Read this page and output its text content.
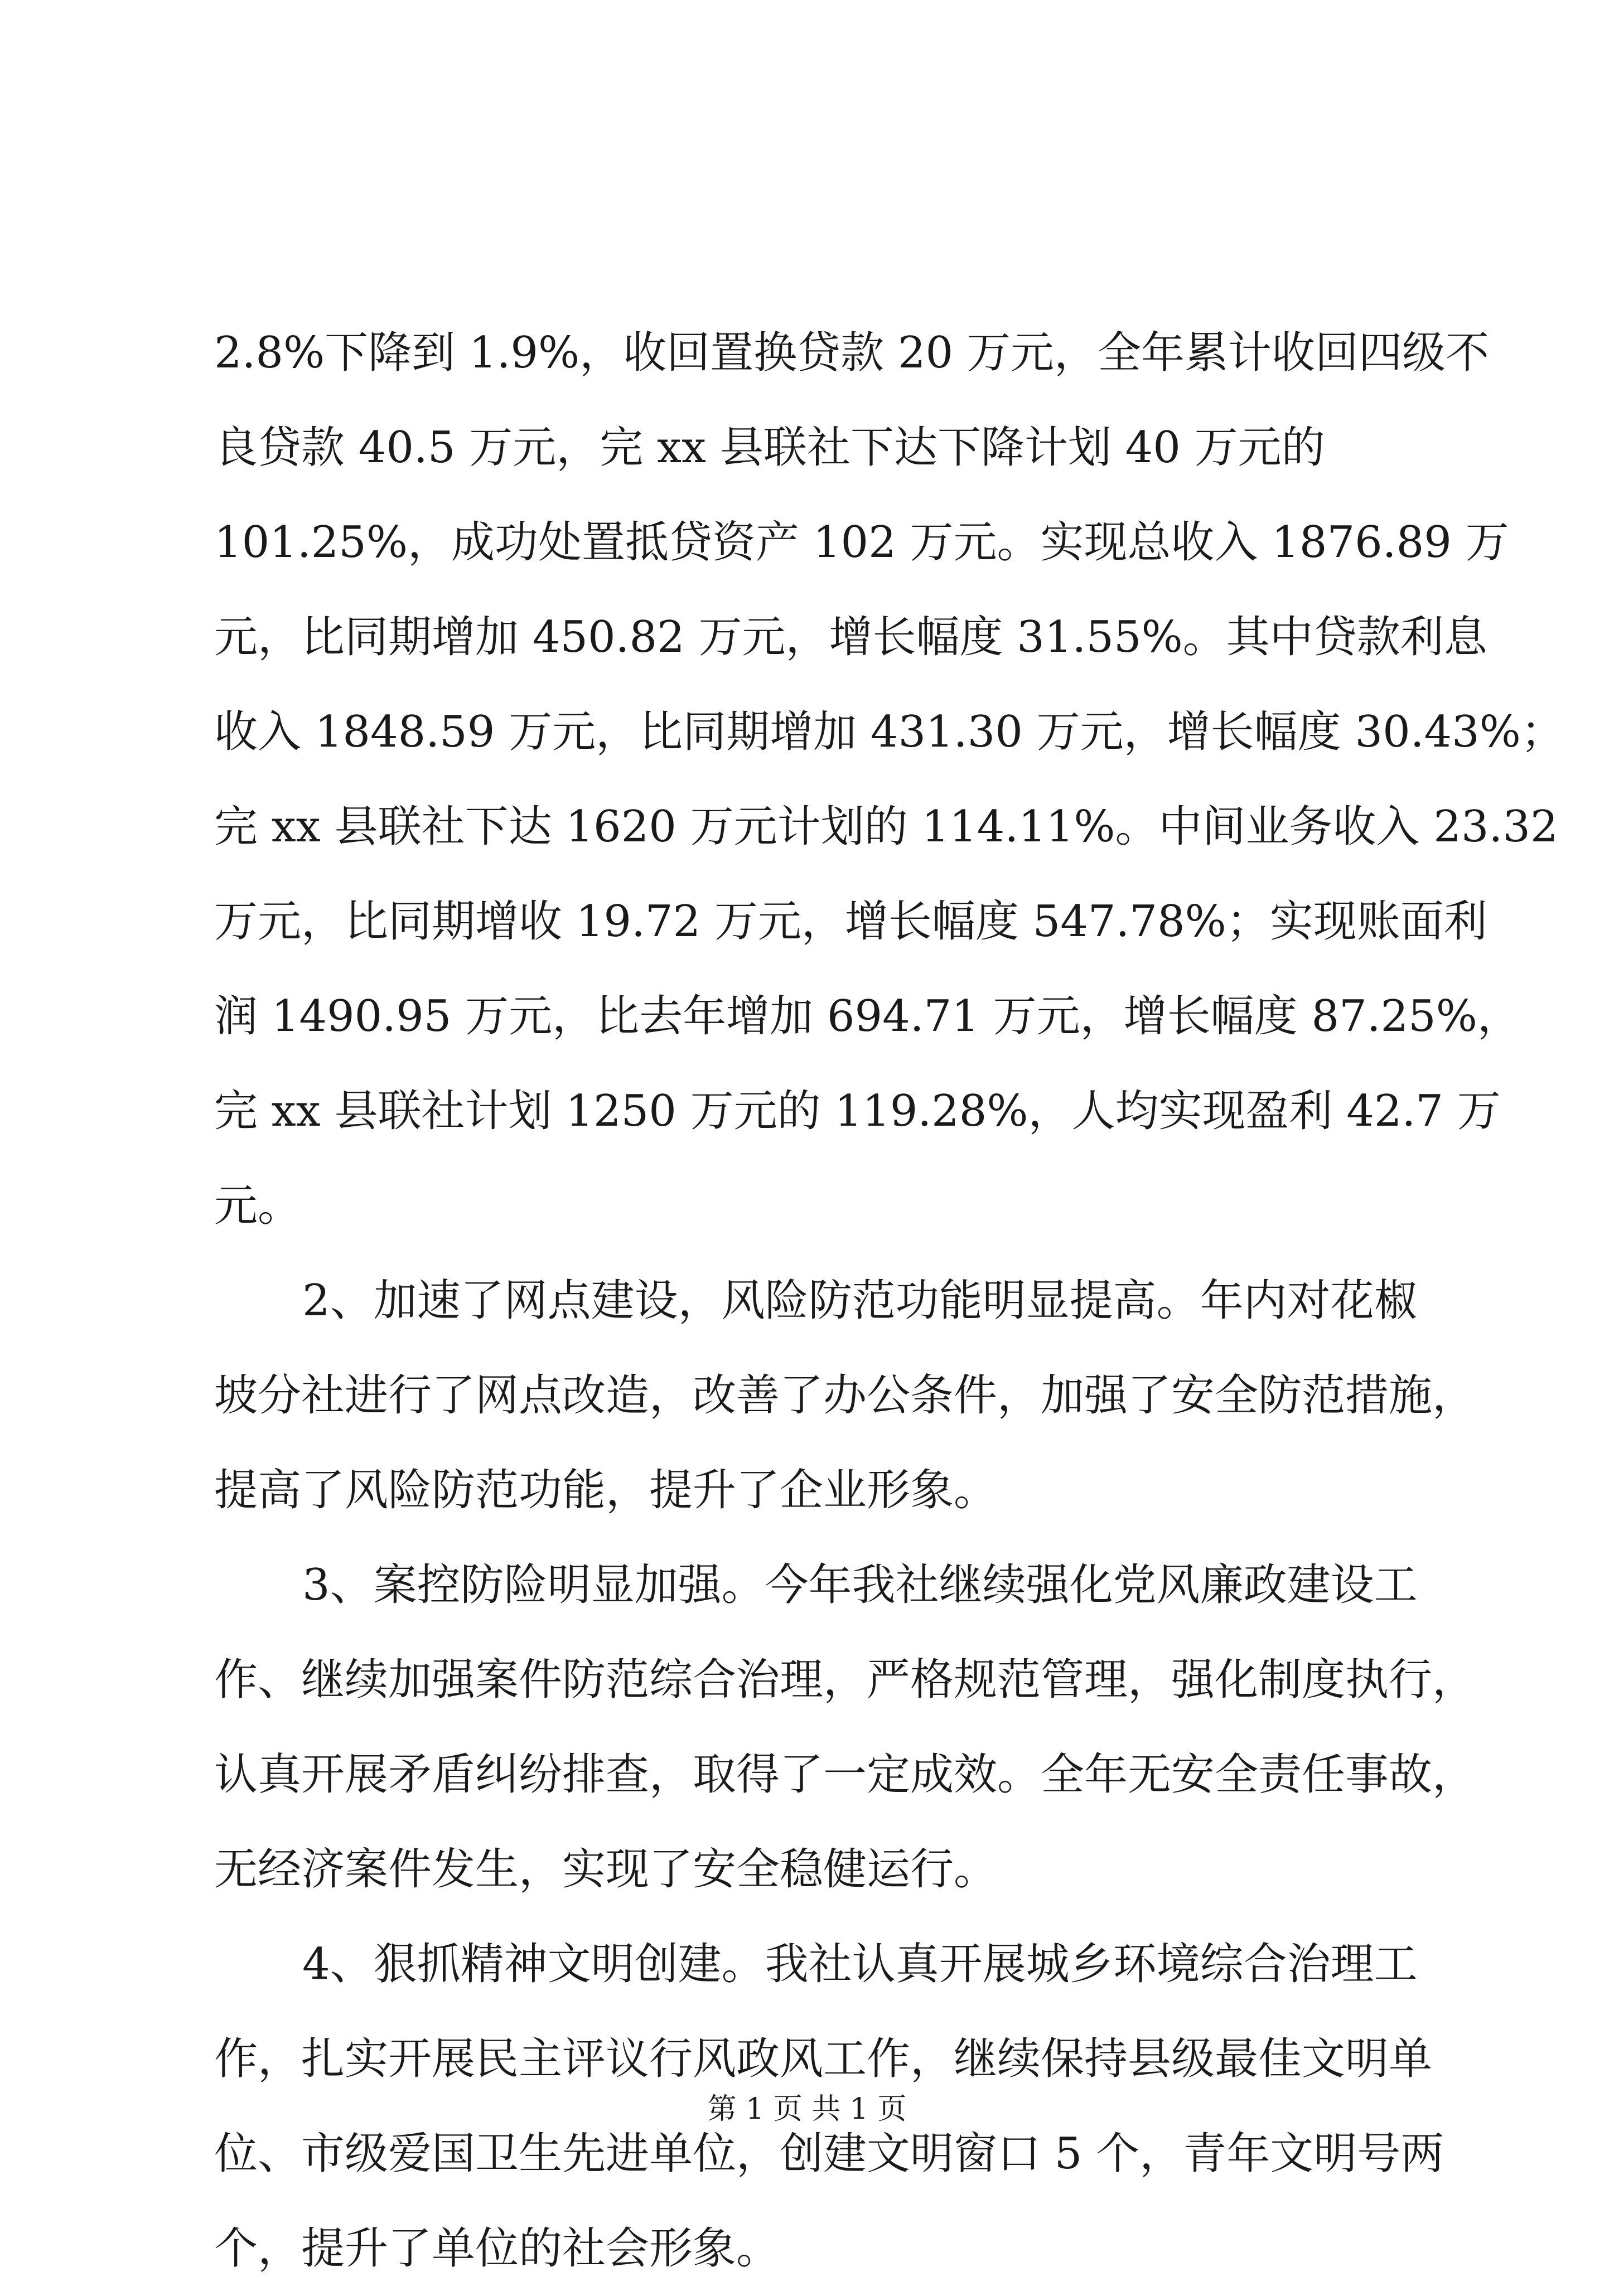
2.8%下降到 1.9%，收回置换贷款 20 万元，全年累计收回四级不
良贷款 40.5 万元，完 xx 县联社下达下降计划 40 万元的
101.25%，成功处置抵贷资产 102 万元。实现总收入 1876.89 万
元，比同期增加 450.82 万元，增长幅度 31.55%。其中贷款利息
收入 1848.59 万元，比同期增加 431.30 万元，增长幅度 30.43%；
完 xx 县联社下达 1620 万元计划的 114.11%。中间业务收入 23.32
万元，比同期增收 19.72 万元，增长幅度 547.78%；实现账面利
润 1490.95 万元，比去年增加 694.71 万元，增长幅度 87.25%，
完 xx 县联社计划 1250 万元的 119.28%，人均实现盈利 42.7 万
元。
2、加速了网点建设，风险防范功能明显提高。年内对花椒
坡分社进行了网点改造，改善了办公条件，加强了安全防范措施，
提高了风险防范功能，提升了企业形象。
3、案控防险明显加强。今年我社继续强化党风廉政建设工
作、继续加强案件防范综合治理，严格规范管理，强化制度执行，
认真开展矛盾纠纷排查，取得了一定成效。全年无安全责任事故，
无经济案件发生，实现了安全稳健运行。
4、狠抓精神文明创建。我社认真开展城乡环境综合治理工
作，扎实开展民主评议行风政风工作，继续保持县级最佳文明单
位、市级爱国卫生先进单位，创建文明窗口 5 个，青年文明号两
个，提升了单位的社会形象。
第 1 页 共 1 页
